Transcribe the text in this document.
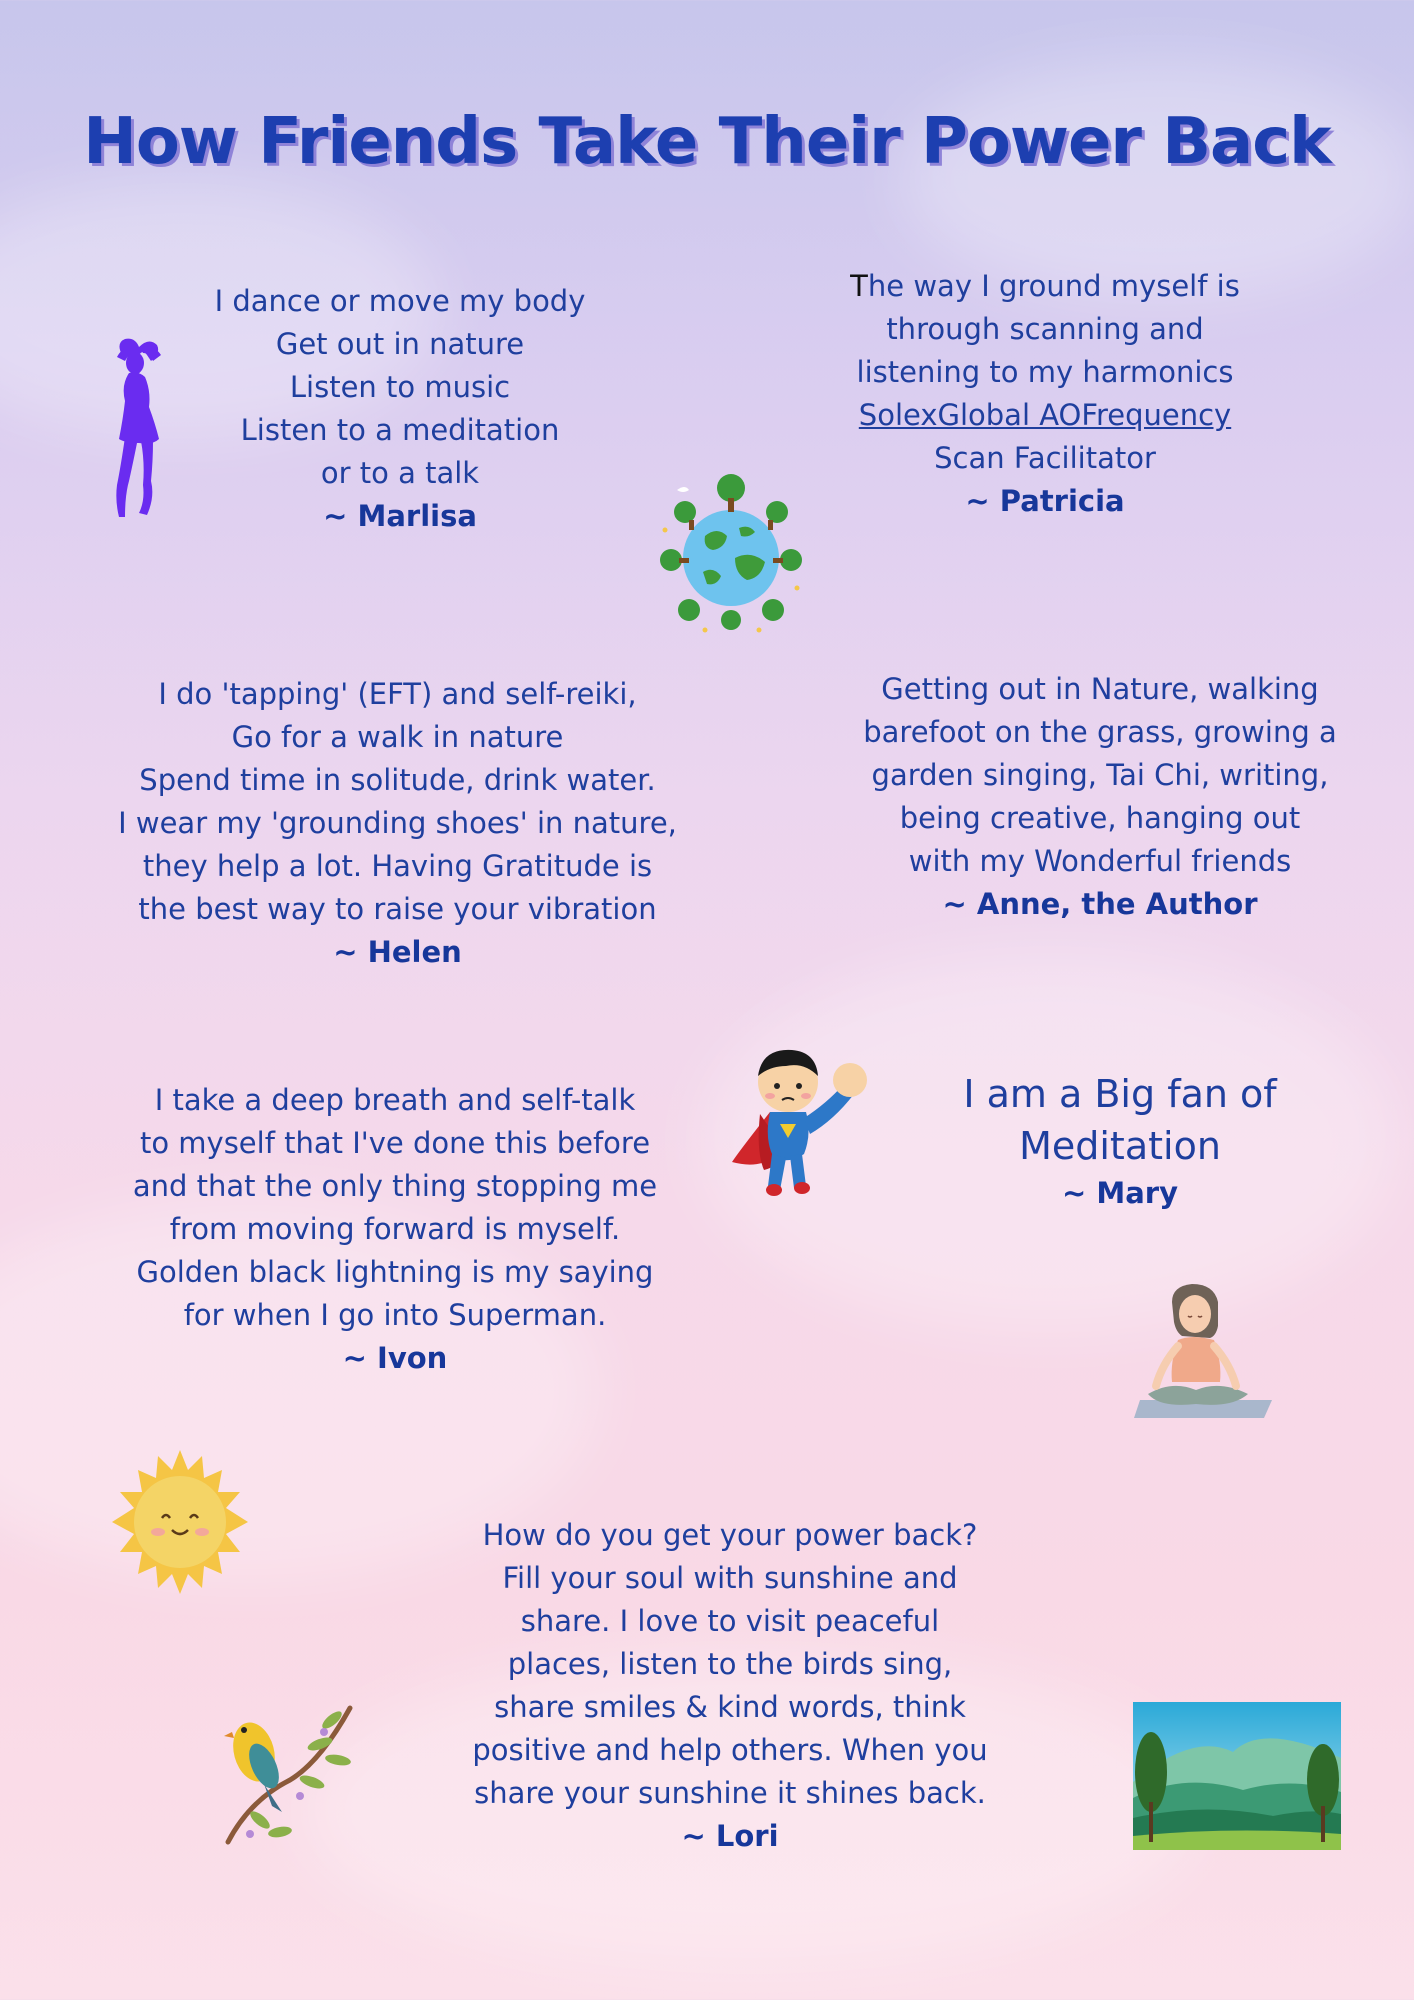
How Friends Take Their Power Back
I dance or move my body
Get out in nature
Listen to music
Listen to a meditation
or to a talk
~ Marlisa
The way I ground myself is
through scanning and
listening to my harmonics
SolexGlobal AOFrequency
Scan Facilitator
~ Patricia
I do 'tapping' (EFT) and self-reiki,
Go for a walk in nature
Spend time in solitude, drink water.
I wear my 'grounding shoes' in nature,
they help a lot. Having Gratitude is
the best way to raise your vibration
~ Helen
Getting out in Nature, walking
barefoot on the grass, growing a
garden singing, Tai Chi, writing,
being creative, hanging out
with my Wonderful friends
~ Anne, the Author
I take a deep breath and self-talk
to myself that I've done this before
and that the only thing stopping me
from moving forward is myself.
Golden black lightning is my saying
for when I go into Superman.
~ Ivon
I am a Big fan of
Meditation
~ Mary
How do you get your power back?
Fill your soul with sunshine and
share. I love to visit peaceful
places, listen to the birds sing,
share smiles & kind words, think
positive and help others. When you
share your sunshine it shines back.
~ Lori
